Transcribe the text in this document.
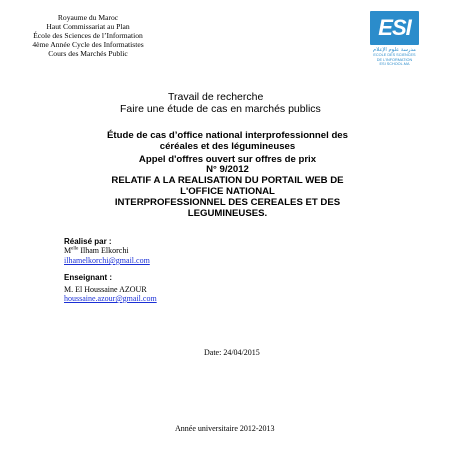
Royaume du Maroc
Haut Commissariat au Plan
École des Sciences de l’Information
4ème Année Cycle des Informatistes
Cours des Marchés Public
ESI
مدرسة علوم الإعلام
ECOLE DES SCIENCES
DE L'INFORMATION
ESI SCHOOL.MA
Travail de recherche
Faire une étude de cas en marchés publics
Étude de cas d’office national interprofessionnel des
céréales et des légumineuses
Appel d'offres ouvert sur offres de prix
N° 9/2012
RELATIF A LA REALISATION DU PORTAIL WEB DE
L'OFFICE NATIONAL
INTERPROFESSIONNEL DES CEREALES ET DES
LEGUMINEUSES.
Réalisé par :
$M^{elle}$ Ilham Elkorchi
ilhamelkorchi@gmail.com
Enseignant :
M. El Houssaine AZOUR
houssaine.azour@gmail.com
Date: 24/04/2015
Année universitaire 2012-2013
